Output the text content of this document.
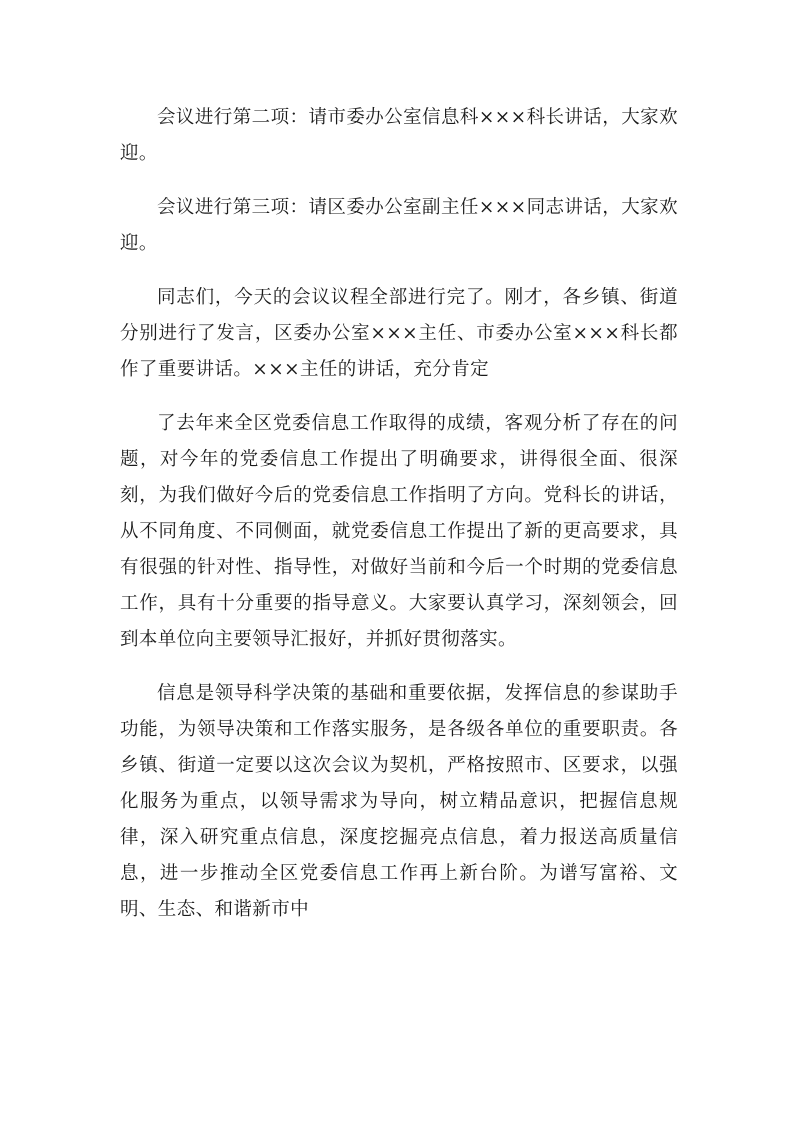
会议进行第二项：请市委办公室信息科×××科长讲话，大家欢迎。

会议进行第三项：请区委办公室副主任×××同志讲话，大家欢迎。

同志们，今天的会议议程全部进行完了。刚才，各乡镇、街道分别进行了发言，区委办公室×××主任、市委办公室×××科长都作了重要讲话。×××主任的讲话，充分肯定

了去年来全区党委信息工作取得的成绩，客观分析了存在的问题，对今年的党委信息工作提出了明确要求，讲得很全面、很深刻，为我们做好今后的党委信息工作指明了方向。党科长的讲话，从不同角度、不同侧面，就党委信息工作提出了新的更高要求，具有很强的针对性、指导性，对做好当前和今后一个时期的党委信息工作，具有十分重要的指导意义。大家要认真学习，深刻领会，回到本单位向主要领导汇报好，并抓好贯彻落实。

信息是领导科学决策的基础和重要依据，发挥信息的参谋助手功能，为领导决策和工作落实服务，是各级各单位的重要职责。各乡镇、街道一定要以这次会议为契机，严格按照市、区要求，以强化服务为重点，以领导需求为导向，树立精品意识，把握信息规律，深入研究重点信息，深度挖掘亮点信息，着力报送高质量信息，进一步推动全区党委信息工作再上新台阶。为谱写富裕、文明、生态、和谐新市中
